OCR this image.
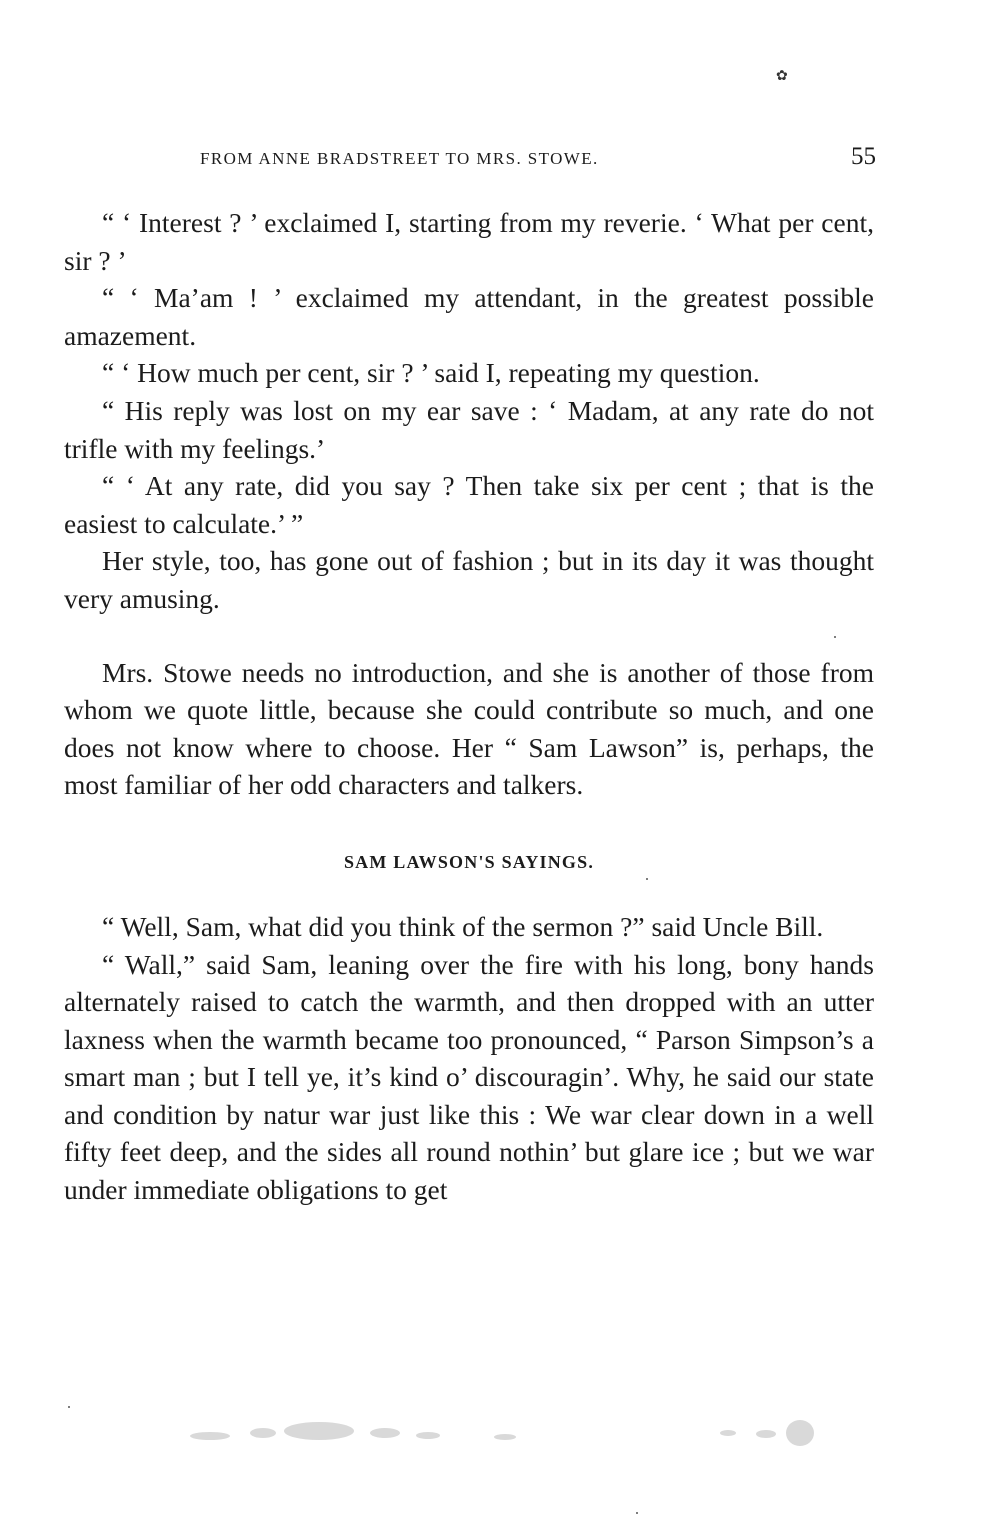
✿
FROM ANNE BRADSTREET TO MRS. STOWE.	55

“ ‘ Interest ? ’ exclaimed I, starting from my reverie. ‘ What per cent, sir ? ’

“ ‘ Ma’am ! ’ exclaimed my attendant, in the greatest possible amazement.

“ ‘ How much per cent, sir ? ’ said I, repeating my question.

“ His reply was lost on my ear save : ‘ Madam, at any rate do not trifle with my feelings.’

“ ‘ At any rate, did you say ? Then take six per cent ; that is the easiest to calculate.’ ”

Her style, too, has gone out of fashion ; but in its day it was thought very amusing.

Mrs. Stowe needs no introduction, and she is another of those from whom we quote little, because she could contribute so much, and one does not know where to choose. Her “ Sam Lawson” is, perhaps, the most familiar of her odd characters and talkers.

SAM LAWSON'S SAYINGS.

“ Well, Sam, what did you think of the sermon ?” said Uncle Bill.

“ Wall,” said Sam, leaning over the fire with his long, bony hands alternately raised to catch the warmth, and then dropped with an utter laxness when the warmth became too pronounced, “ Parson Simpson’s a smart man ; but I tell ye, it’s kind o’ discouragin’. Why, he said our state and condition by natur war just like this : We war clear down in a well fifty feet deep, and the sides all round nothin’ but glare ice ; but we war under immediate obligations to get
